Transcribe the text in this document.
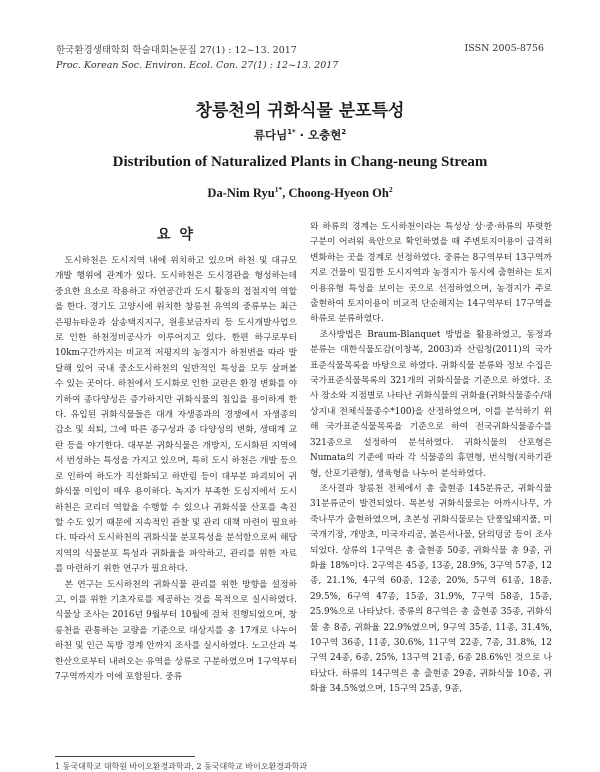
한국환경생태학회 학술대회논문집 27(1) : 12~13. 2017
Proc. Korean Soc. Environ. Ecol. Con. 27(1) : 12~13. 2017
ISSN 2005-8756
창릉천의 귀화식물 분포특성
류다님$^{1*}$ · 오충현$^2$
Distribution of Naturalized Plants in Chang-neung Stream
Da-Nim Ryu$^{1*}$, Choong-Hyeon Oh$^2$
요 약

도시하천은 도시지역 내에 위치하고 있으며 하천 및 대규모 개발 행위에 관계가 있다. 도시하천은 도시경관을 형성하는데 중요한 요소로 작용하고 자연공간과 도시 활동의 접점지역 역할을 한다. 경기도 고양시에 위치한 창릉천 유역의 중류부는 최근 은평뉴타운과 삼송택지지구, 원흥보금자리 등 도시개발사업으로 인한 하천정비공사가 이루어지고 있다. 한편 하구로부터 10km구간까지는 비교적 저평지의 농경지가 하천변을 따라 발달해 있어 국내 중소도시하천의 일반적인 특성을 모두 살펴볼 수 있는 곳이다. 하천에서 도시화로 인한 교란은 환경 변화를 야기하여 종다양성은 증가하지만 귀화식물의 침입을 용이하게 한다. 유입된 귀화식물들은 대개 자생종과의 경쟁에서 자생종의 감소 및 쇠퇴, 그에 따른 종구성과 종 다양성의 변화, 생태계 교란 등을 야기한다. 대부분 귀화식물은 개방지, 도시화된 지역에서 번성하는 특성을 가지고 있으며, 특히 도시 하천은 개발 등으로 인하여 하도가 직선화되고 하반림 등이 대부분 파괴되어 귀화식물 이입이 매우 용이하다. 녹지가 부족한 도심지에서 도시 하천은 코리더 역할을 수행할 수 있으나 귀화식물 산포를 촉진할 수도 있기 때문에 지속적인 관찰 및 관리 대책 마련이 필요하다. 따라서 도시하천의 귀화식물 분포특성을 분석함으로써 해당 지역의 식물분포 특성과 귀화율을 파악하고, 관리를 위한 자료를 마련하기 위한 연구가 필요하다.

본 연구는 도시하천의 귀화식물 관리를 위한 방향을 설정하고, 이를 위한 기초자료를 제공하는 것을 목적으로 실시하였다. 식물상 조사는 2016년 9월부터 10월에 걸쳐 진행되었으며, 창릉천을 관통하는 교량을 기준으로 대상지를 총 17개로 나누어 하천 및 인근 독방 경계 안까지 조사를 실시하였다. 노고산과 북한산으로부터 내려오는 유역을 상류로 구분하였으며 1구역부터 7구역까지가 이에 포함된다. 중류

와 하류의 경계는 도시하천이라는 특성상 상·중·하류의 뚜렷한 구분이 어려워 육안으로 확인하였을 때 주변토지이용이 급격히 변화하는 곳을 경계로 선정하였다. 중류는 8구역부터 13구역까지로 건물이 밀집한 도시지역과 농경지가 동시에 출현하는 토지이용유형 특성을 보이는 곳으로 선정하였으며, 농경지가 주로 출현하여 토지이용이 비교적 단순해지는 14구역부터 17구역을 하류로 분류하였다.

조사방법은 Braum-Blanquet 방법을 활용하였고, 동정과 분류는 대한식물도감(이창복, 2003)과 산림청(2011)의 국가표준식물목록을 바탕으로 하였다. 귀화식물 분류와 정보 수집은 국가표준식물목록의 321개의 귀화식물을 기준으로 하였다. 조사 장소와 지점별로 나타난 귀화식물의 귀화율(귀화식물종수/대상지내 전체식물종수*100)을 산정하였으며, 이를 분석하기 위해 국가표준식물목록을 기준으로 하여 전국귀화식물종수를 321종으로 설정하여 분석하였다. 귀화식물의 산포형은 Numata의 기준에 따라 각 식물종의 휴면형, 번식형(지하기관형, 산포기관형), 생육형을 나누어 분석하였다.

조사결과 창릉천 전체에서 총 출현종 145분류군, 귀화식물 31분류군이 발견되었다. 목본성 귀화식물로는 아까시나무, 가죽나무가 출현하였으며, 초본성 귀화식물로는 단풍잎돼지풀, 미국개기장, 개망초, 미국자리공, 붉은서나물, 닭의덩굴 등이 조사되었다. 상류의 1구역은 총 출현종 50종, 귀화식물 총 9종, 귀화율 18%이다. 2구역은 45종, 13종, 28.9%, 3구역 57종, 12종, 21.1%, 4구역 60종, 12종, 20%, 5구역 61종, 18종, 29.5%, 6구역 47종, 15종, 31.9%, 7구역 58종, 15종, 25.9%으로 나타났다. 중류의 8구역은 총 출현종 35종, 귀화식물 총 8종, 귀화율 22.9%였으며, 9구역 35종, 11종, 31.4%, 10구역 36종, 11종, 30.6%, 11구역 22종, 7종, 31.8%, 12구역 24종, 6종, 25%, 13구역 21종, 6종 28.6%인 것으로 나타났다. 하류의 14구역은 총 출현종 29종, 귀화식물 10종, 귀화율 34.5%였으며, 15구역 25종, 9종,

1 동국대학교 대학원 바이오환경과학과, 2 동국대학교 바이오환경과학과
